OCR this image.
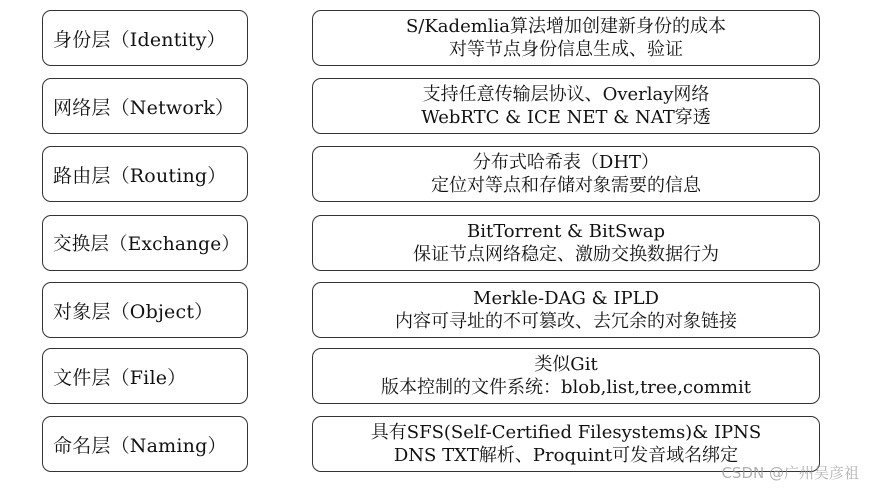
身份层（Identity）
S/Kademlia算法增加创建新身份的成本
对等节点身份信息生成、验证
网络层（Network）
支持任意传输层协议、Overlay网络
WebRTC & ICE NET & NAT穿透
路由层（Routing）
分布式哈希表（DHT）
定位对等点和存储对象需要的信息
交换层（Exchange）
BitTorrent & BitSwap
保证节点网络稳定、激励交换数据行为
对象层（Object）
Merkle-DAG & IPLD
内容可寻址的不可篡改、去冗余的对象链接
文件层（File）
类似Git
版本控制的文件系统：blob,list,tree,commit
命名层（Naming）
具有SFS(Self-Certified Filesystems)& IPNS
DNS TXT解析、Proquint可发音域名绑定
CSDN @广州吴彦祖
